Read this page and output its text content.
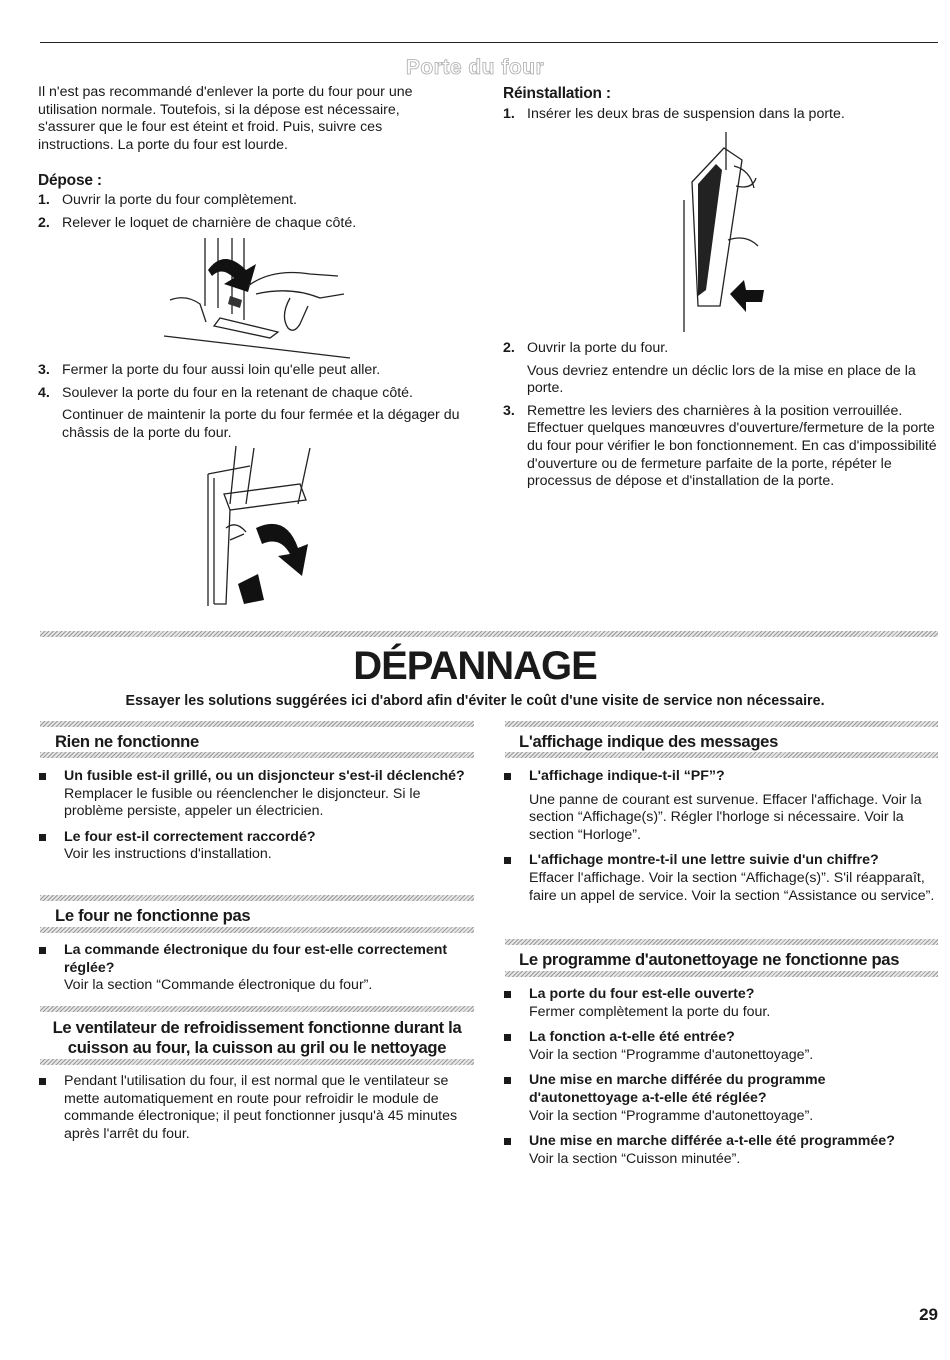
Porte du four
Il n'est pas recommandé d'enlever la porte du four pour une utilisation normale. Toutefois, si la dépose est nécessaire, s'assurer que le four est éteint et froid. Puis, suivre ces instructions. La porte du four est lourde.
Dépose :
1. Ouvrir la porte du four complètement.
2. Relever le loquet de charnière de chaque côté.
3. Fermer la porte du four aussi loin qu'elle peut aller.
4. Soulever la porte du four en la retenant de chaque côté.
Continuer de maintenir la porte du four fermée et la dégager du châssis de la porte du four.
Réinstallation :
1. Insérer les deux bras de suspension dans la porte.
2. Ouvrir la porte du four.
Vous devriez entendre un déclic lors de la mise en place de la porte.
3. Remettre les leviers des charnières à la position verrouillée. Effectuer quelques manœuvres d'ouverture/fermeture de la porte du four pour vérifier le bon fonctionnement. En cas d'impossibilité d'ouverture ou de fermeture parfaite de la porte, répéter le processus de dépose et d'installation de la porte.
DÉPANNAGE
Essayer les solutions suggérées ici d'abord afin d'éviter le coût d'une visite de service non nécessaire.
Rien ne fonctionne
Un fusible est-il grillé, ou un disjoncteur s'est-il déclenché?
Remplacer le fusible ou réenclencher le disjoncteur. Si le problème persiste, appeler un électricien.
Le four est-il correctement raccordé?
Voir les instructions d'installation.
Le four ne fonctionne pas
La commande électronique du four est-elle correctement réglée?
Voir la section “Commande électronique du four”.
Le ventilateur de refroidissement fonctionne durant la cuisson au four, la cuisson au gril ou le nettoyage
Pendant l'utilisation du four, il est normal que le ventilateur se mette automatiquement en route pour refroidir le module de commande électronique; il peut fonctionner jusqu'à 45 minutes après l'arrêt du four.
L'affichage indique des messages
L'affichage indique-t-il “PF”?
Une panne de courant est survenue. Effacer l'affichage. Voir la section “Affichage(s)”. Régler l'horloge si nécessaire. Voir la section “Horloge”.
L'affichage montre-t-il une lettre suivie d'un chiffre?
Effacer l'affichage. Voir la section “Affichage(s)”. S'il réapparaît, faire un appel de service. Voir la section “Assistance ou service”.
Le programme d'autonettoyage ne fonctionne pas
La porte du four est-elle ouverte?
Fermer complètement la porte du four.
La fonction a-t-elle été entrée?
Voir la section “Programme d'autonettoyage”.
Une mise en marche différée du programme d'autonettoyage a-t-elle été réglée?
Voir la section “Programme d'autonettoyage”.
Une mise en marche différée a-t-elle été programmée?
Voir la section “Cuisson minutée”.
29
